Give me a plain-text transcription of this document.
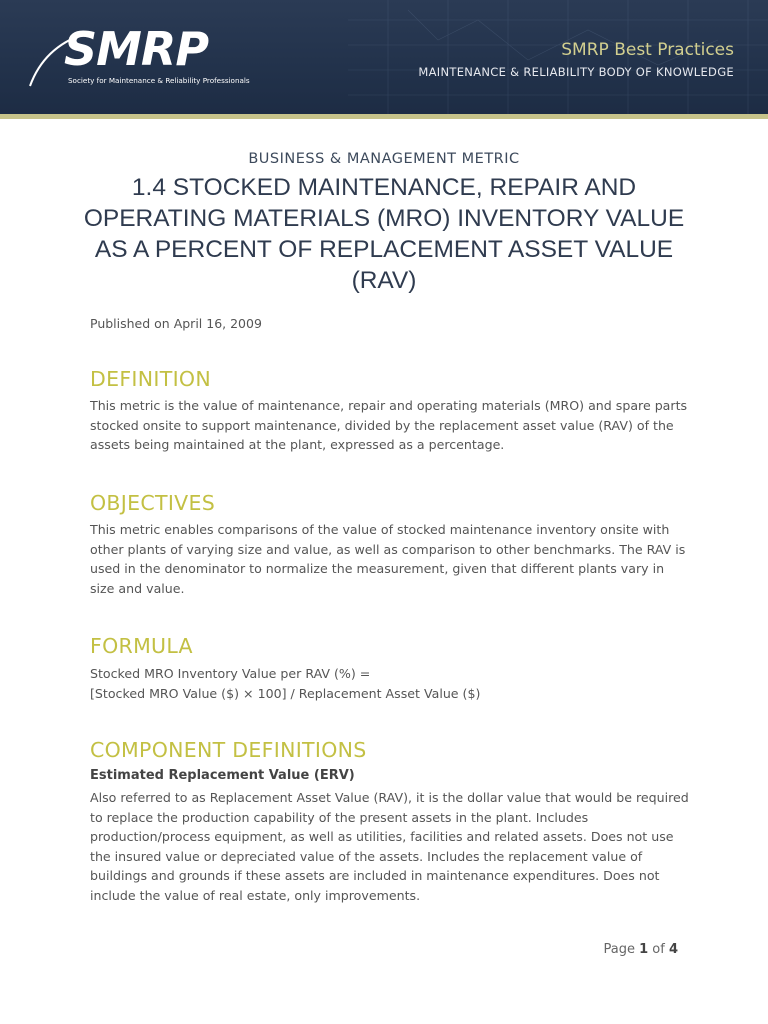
SMRP
Society for Maintenance & Reliability Professionals
SMRP Best Practices
MAINTENANCE & RELIABILITY BODY OF KNOWLEDGE
BUSINESS & MANAGEMENT METRIC
1.4 STOCKED MAINTENANCE, REPAIR AND OPERATING MATERIALS (MRO) INVENTORY VALUE AS A PERCENT OF REPLACEMENT ASSET VALUE (RAV)
Published on April 16, 2009
DEFINITION
This metric is the value of maintenance, repair and operating materials (MRO) and spare parts stocked onsite to support maintenance, divided by the replacement asset value (RAV) of the assets being maintained at the plant, expressed as a percentage.
OBJECTIVES
This metric enables comparisons of the value of stocked maintenance inventory onsite with other plants of varying size and value, as well as comparison to other benchmarks. The RAV is used in the denominator to normalize the measurement, given that different plants vary in size and value.
FORMULA
Stocked MRO Inventory Value per RAV (%) =
[Stocked MRO Value ($) × 100] / Replacement Asset Value ($)
COMPONENT DEFINITIONS
Estimated Replacement Value (ERV)
Also referred to as Replacement Asset Value (RAV), it is the dollar value that would be required to replace the production capability of the present assets in the plant. Includes production/process equipment, as well as utilities, facilities and related assets. Does not use the insured value or depreciated value of the assets. Includes the replacement value of buildings and grounds if these assets are included in maintenance expenditures. Does not include the value of real estate, only improvements.
Page 1 of 4
